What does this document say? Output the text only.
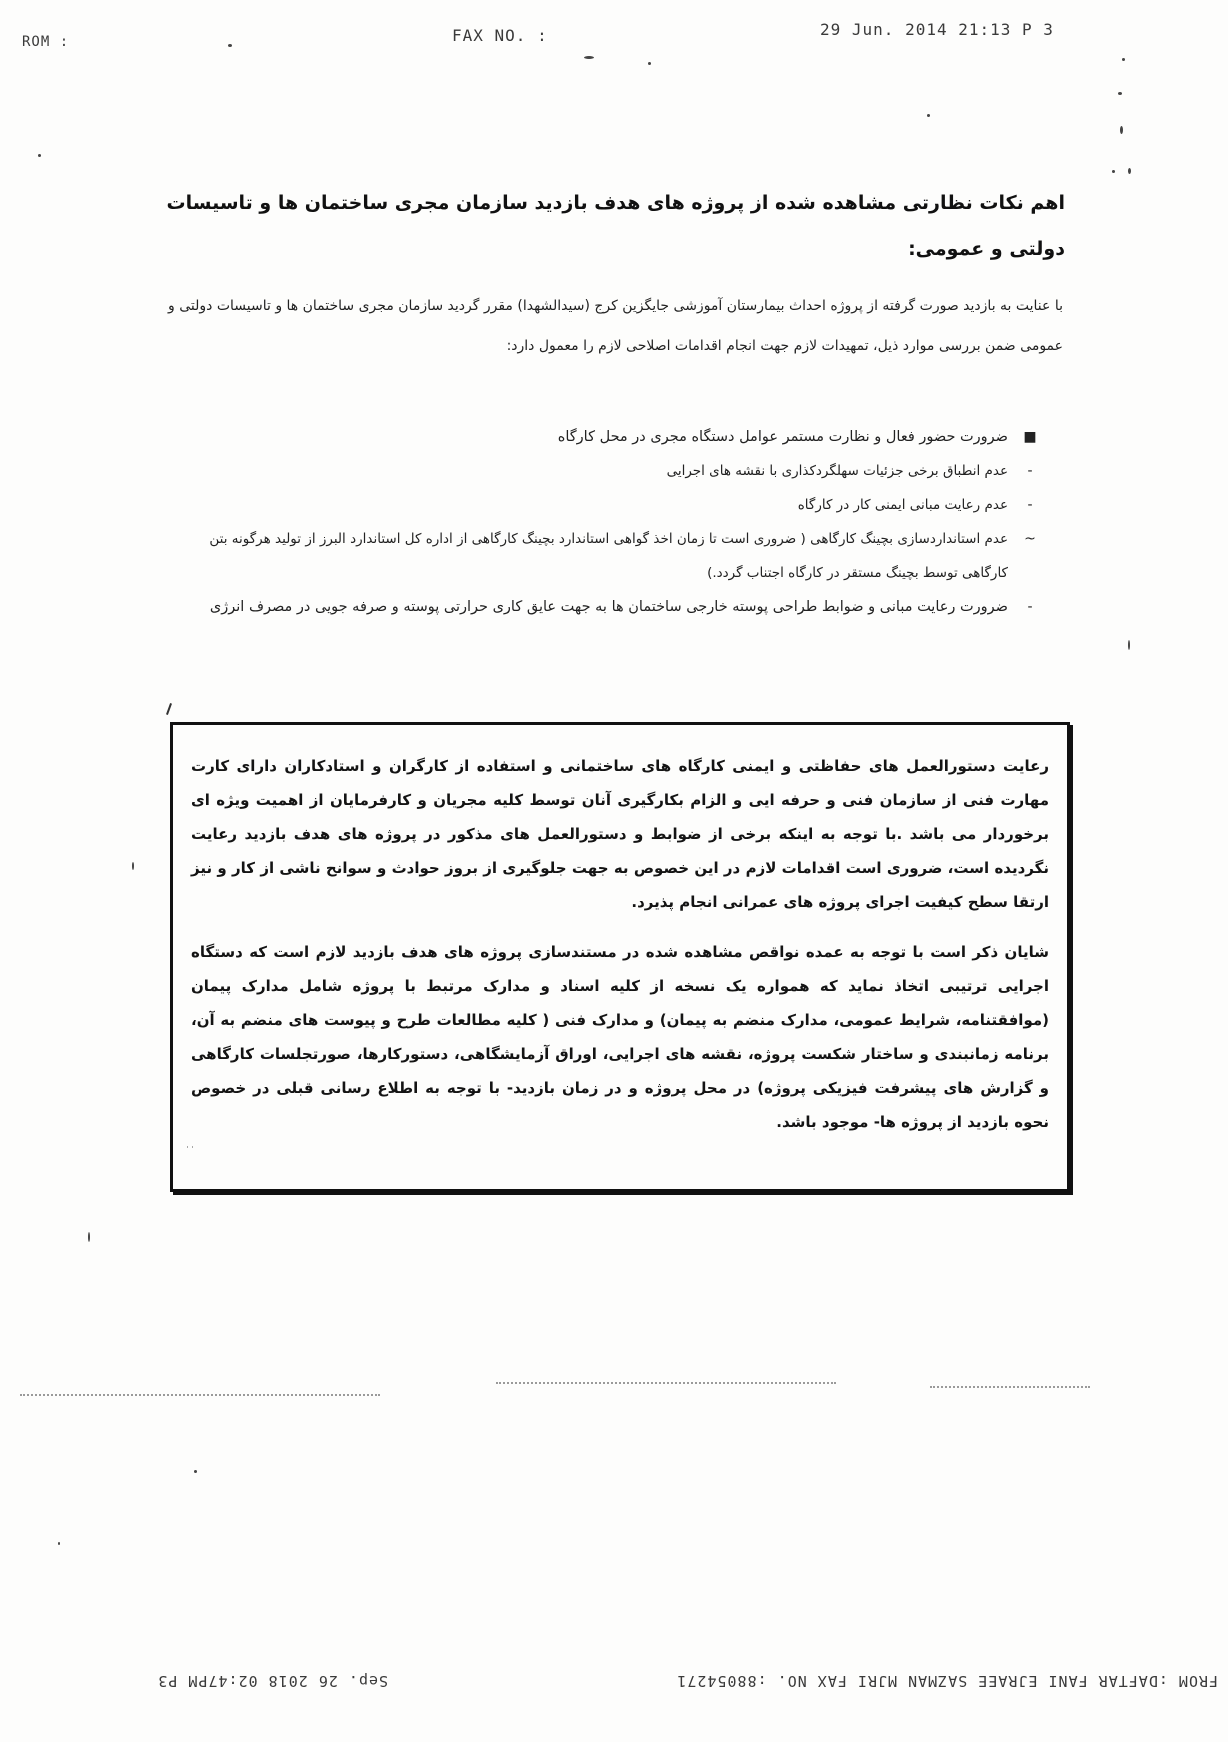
ROM :	FAX NO. :	29 Jun. 2014 21:13 P 3
اهم نکات نظارتی مشاهده شده از پروژه های هدف بازدید سازمان مجری ساختمان ها و تاسیسات دولتی و عمومی:

با عنایت به بازدید صورت گرفته از پروژه احداث بیمارستان آموزشی جایگزین کرج (سیدالشهدا) مقرر گردید سازمان مجری ساختمان ها و تاسیسات دولتی و عمومی ضمن بررسی موارد ذیل، تمهیدات لازم جهت انجام اقدامات اصلاحی لازم را معمول دارد:

■
ضرورت حضور فعال و نظارت مستمر عوامل دستگاه مجری در محل کارگاه
-
عدم انطباق برخی جزئیات سهلگردکذاری با نقشه های اجرایی
-
عدم رعایت مبانی ایمنی کار در کارگاه
~
عدم استانداردسازی بچینگ کارگاهی ( ضروری است تا زمان اخذ گواهی استاندارد بچینگ کارگاهی از اداره کل استاندارد البرز از تولید هرگونه بتن کارگاهی توسط بچینگ مستقر در کارگاه اجتناب گردد.)
-
ضرورت رعایت مبانی و ضوابط طراحی پوسته خارجی ساختمان ها به جهت عایق کاری حرارتی پوسته و صرفه جویی در مصرف انرژی

رعایت دستورالعمل های حفاظتی و ایمنی کارگاه های ساختمانی و استفاده از کارگران و استادکاران دارای کارت مهارت فنی از سازمان فنی و حرفه ایی و الزام بکارگیری آنان توسط کلیه مجریان و کارفرمایان از اهمیت ویژه ای برخوردار می باشد .با توجه به اینکه برخی از ضوابط و دستورالعمل های مذکور در پروژه های هدف بازدید رعایت نگردیده است، ضروری است اقدامات لازم در این خصوص به جهت جلوگیری از بروز حوادث و سوانح ناشی از کار و نیز ارتقا سطح کیفیت اجرای پروژه های عمرانی انجام پذیرد.

شایان ذکر است با توجه به عمده نواقص مشاهده شده در مستندسازی پروژه های هدف بازدید لازم است که دستگاه اجرایی ترتیبی اتخاذ نماید که همواره یک نسخه از کلیه اسناد و مدارک مرتبط با پروژه شامل مدارک پیمان (موافقتنامه، شرایط عمومی، مدارک منضم به پیمان) و مدارک فنی ( کلیه مطالعات طرح و پیوست های منضم به آن، برنامه زمانبندی و ساختار شکست پروژه، نقشه های اجرایی، اوراق آزمایشگاهی، دستورکارها، صورتجلسات کارگاهی و گزارش های پیشرفت فیزیکی پروژه) در محل پروژه و در زمان بازدید- با توجه به اطلاع رسانی قبلی در خصوص نحوه بازدید از پروژه ها- موجود باشد.

˙˙
FROM :DAFTAR FANI EJRAEE SAZMAN MJRI FAX NO. :88054271
Sep. 26 2018 02:47PM P3
